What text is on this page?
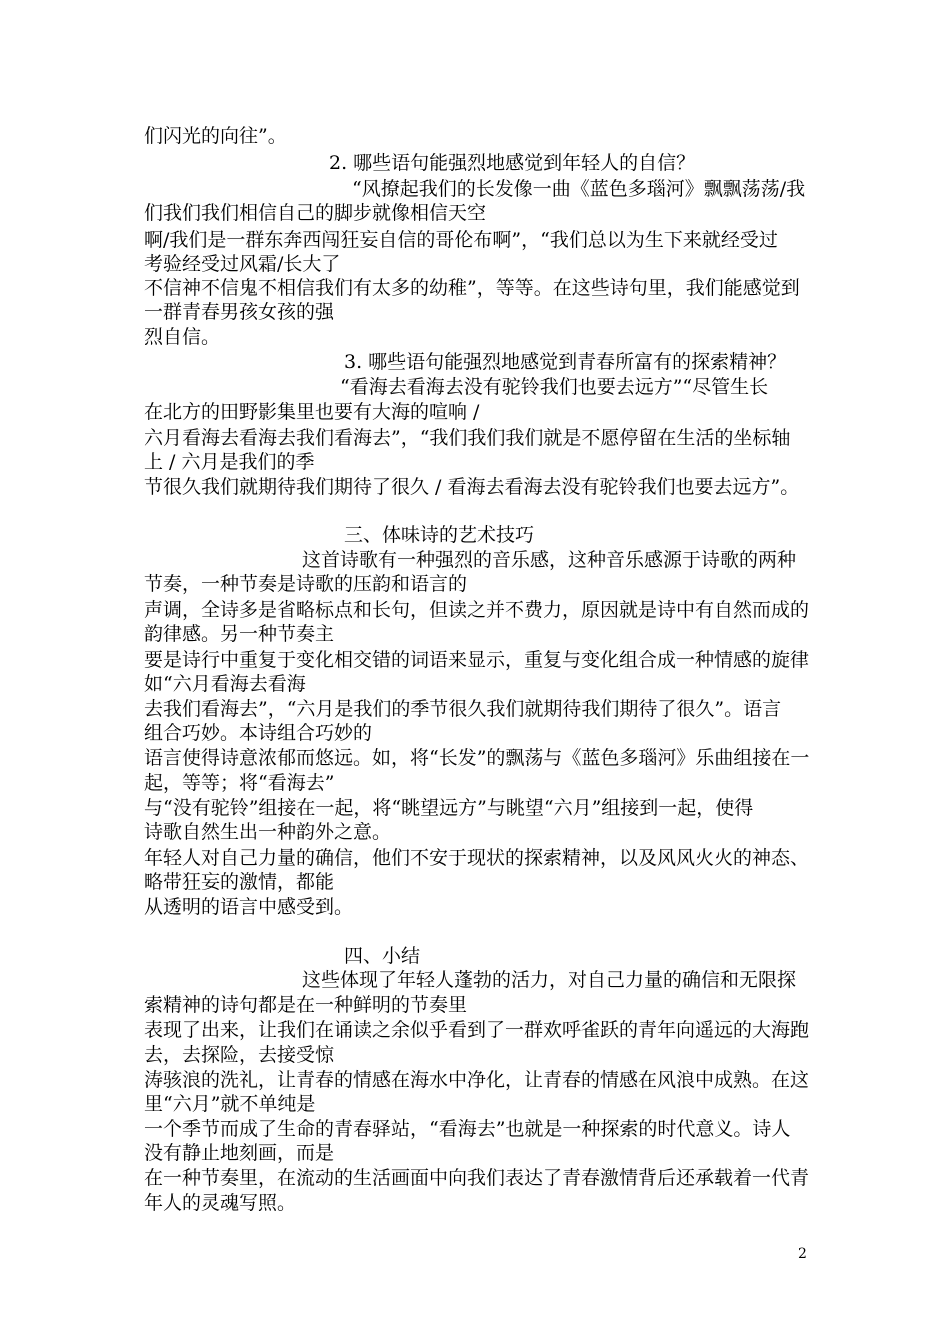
们闪光的向往”。
2. 哪些语句能强烈地感觉到年轻人的自信？
“风撩起我们的长发像一曲《蓝色多瑙河》飘飘荡荡/我
们我们我们相信自己的脚步就像相信天空
啊/我们是一群东奔西闯狂妄自信的哥伦布啊”，“我们总以为生下来就经受过
考验经受过风霜/长大了
不信神不信鬼不相信我们有太多的幼稚”，等等。在这些诗句里，我们能感觉到
一群青春男孩女孩的强
烈自信。
3. 哪些语句能强烈地感觉到青春所富有的探索精神？
“看海去看海去没有驼铃我们也要去远方”“尽管生长
在北方的田野影集里也要有大海的喧响 /
六月看海去看海去我们看海去”，“我们我们我们就是不愿停留在生活的坐标轴
上 / 六月是我们的季
节很久我们就期待我们期待了很久 / 看海去看海去没有驼铃我们也要去远方”。
三、体味诗的艺术技巧
这首诗歌有一种强烈的音乐感，这种音乐感源于诗歌的两种
节奏，一种节奏是诗歌的压韵和语言的
声调，全诗多是省略标点和长句，但读之并不费力，原因就是诗中有自然而成的
韵律感。另一种节奏主
要是诗行中重复于变化相交错的词语来显示，重复与变化组合成一种情感的旋律
如“六月看海去看海
去我们看海去”，“六月是我们的季节很久我们就期待我们期待了很久”。语言
组合巧妙。本诗组合巧妙的
语言使得诗意浓郁而悠远。如，将“长发”的飘荡与《蓝色多瑙河》乐曲组接在一
起，等等；将“看海去”
与“没有驼铃”组接在一起，将“眺望远方”与眺望“六月”组接到一起，使得
诗歌自然生出一种韵外之意。
年轻人对自己力量的确信，他们不安于现状的探索精神，以及风风火火的神态、
略带狂妄的激情，都能
从透明的语言中感受到。
四、小结
这些体现了年轻人蓬勃的活力，对自己力量的确信和无限探
索精神的诗句都是在一种鲜明的节奏里
表现了出来，让我们在诵读之余似乎看到了一群欢呼雀跃的青年向遥远的大海跑
去，去探险，去接受惊
涛骇浪的洗礼，让青春的情感在海水中净化，让青春的情感在风浪中成熟。在这
里“六月”就不单纯是
一个季节而成了生命的青春驿站，“看海去”也就是一种探索的时代意义。诗人
没有静止地刻画，而是
在一种节奏里，在流动的生活画面中向我们表达了青春激情背后还承载着一代青
年人的灵魂写照。
2
